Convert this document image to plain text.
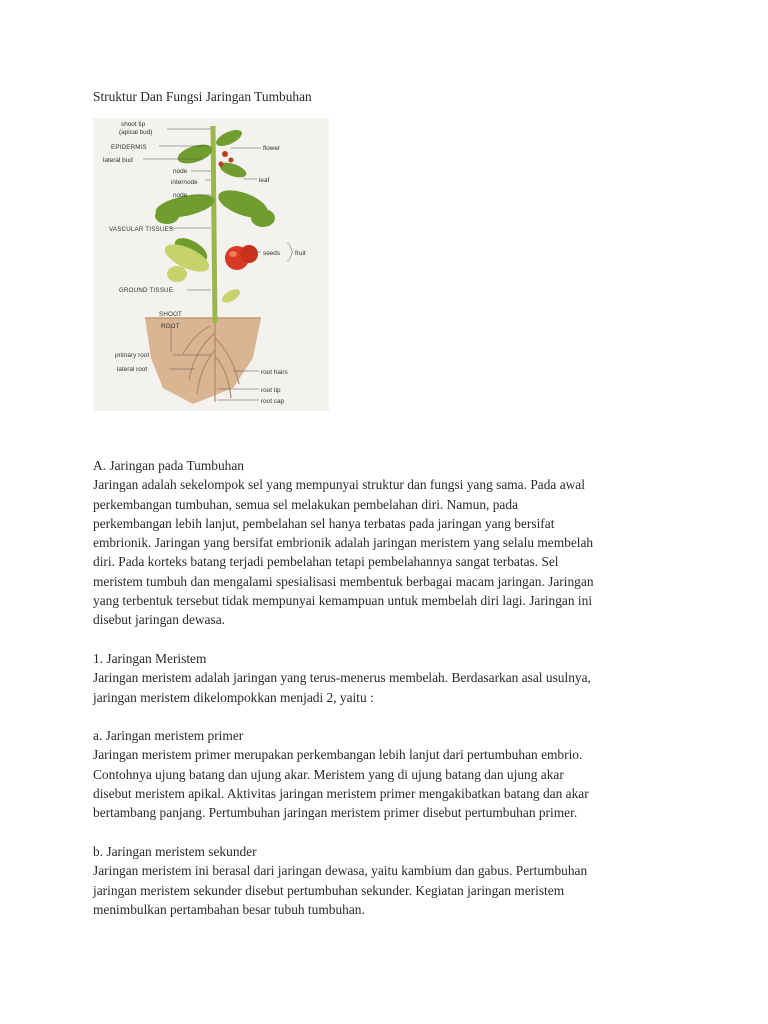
Struktur Dan Fungsi Jaringan Tumbuhan
shoot tip
(apical bud)
EPIDERMIS
lateral bud
node
internode
node
VASCULAR TISSUES
GROUND TISSUE
SHOOT
ROOT
primary root
lateral root
flower
leaf
seeds fruit
root hairs
root tip
root cap

A. Jaringan pada Tumbuhan

Jaringan adalah sekelompok sel yang mempunyai struktur dan fungsi yang sama. Pada awal
perkembangan tumbuhan, semua sel melakukan pembelahan diri. Namun, pada
perkembangan lebih lanjut, pembelahan sel hanya terbatas pada jaringan yang bersifat
embrionik. Jaringan yang bersifat embrionik adalah jaringan meristem yang selalu membelah
diri. Pada korteks batang terjadi pembelahan tetapi pembelahannya sangat terbatas. Sel
meristem tumbuh dan mengalami spesialisasi membentuk berbagai macam jaringan. Jaringan
yang terbentuk tersebut tidak mempunyai kemampuan untuk membelah diri lagi. Jaringan ini
disebut jaringan dewasa.

1. Jaringan Meristem

Jaringan meristem adalah jaringan yang terus-menerus membelah. Berdasarkan asal usulnya,
jaringan meristem dikelompokkan menjadi 2, yaitu :

a. Jaringan meristem primer

Jaringan meristem primer merupakan perkembangan lebih lanjut dari pertumbuhan embrio.
Contohnya ujung batang dan ujung akar. Meristem yang di ujung batang dan ujung akar
disebut meristem apikal. Aktivitas jaringan meristem primer mengakibatkan batang dan akar
bertambang panjang. Pertumbuhan jaringan meristem primer disebut pertumbuhan primer.

b. Jaringan meristem sekunder

Jaringan meristem ini berasal dari jaringan dewasa, yaitu kambium dan gabus. Pertumbuhan
jaringan meristem sekunder disebut pertumbuhan sekunder. Kegiatan jaringan meristem
menimbulkan pertambahan besar tubuh tumbuhan.
